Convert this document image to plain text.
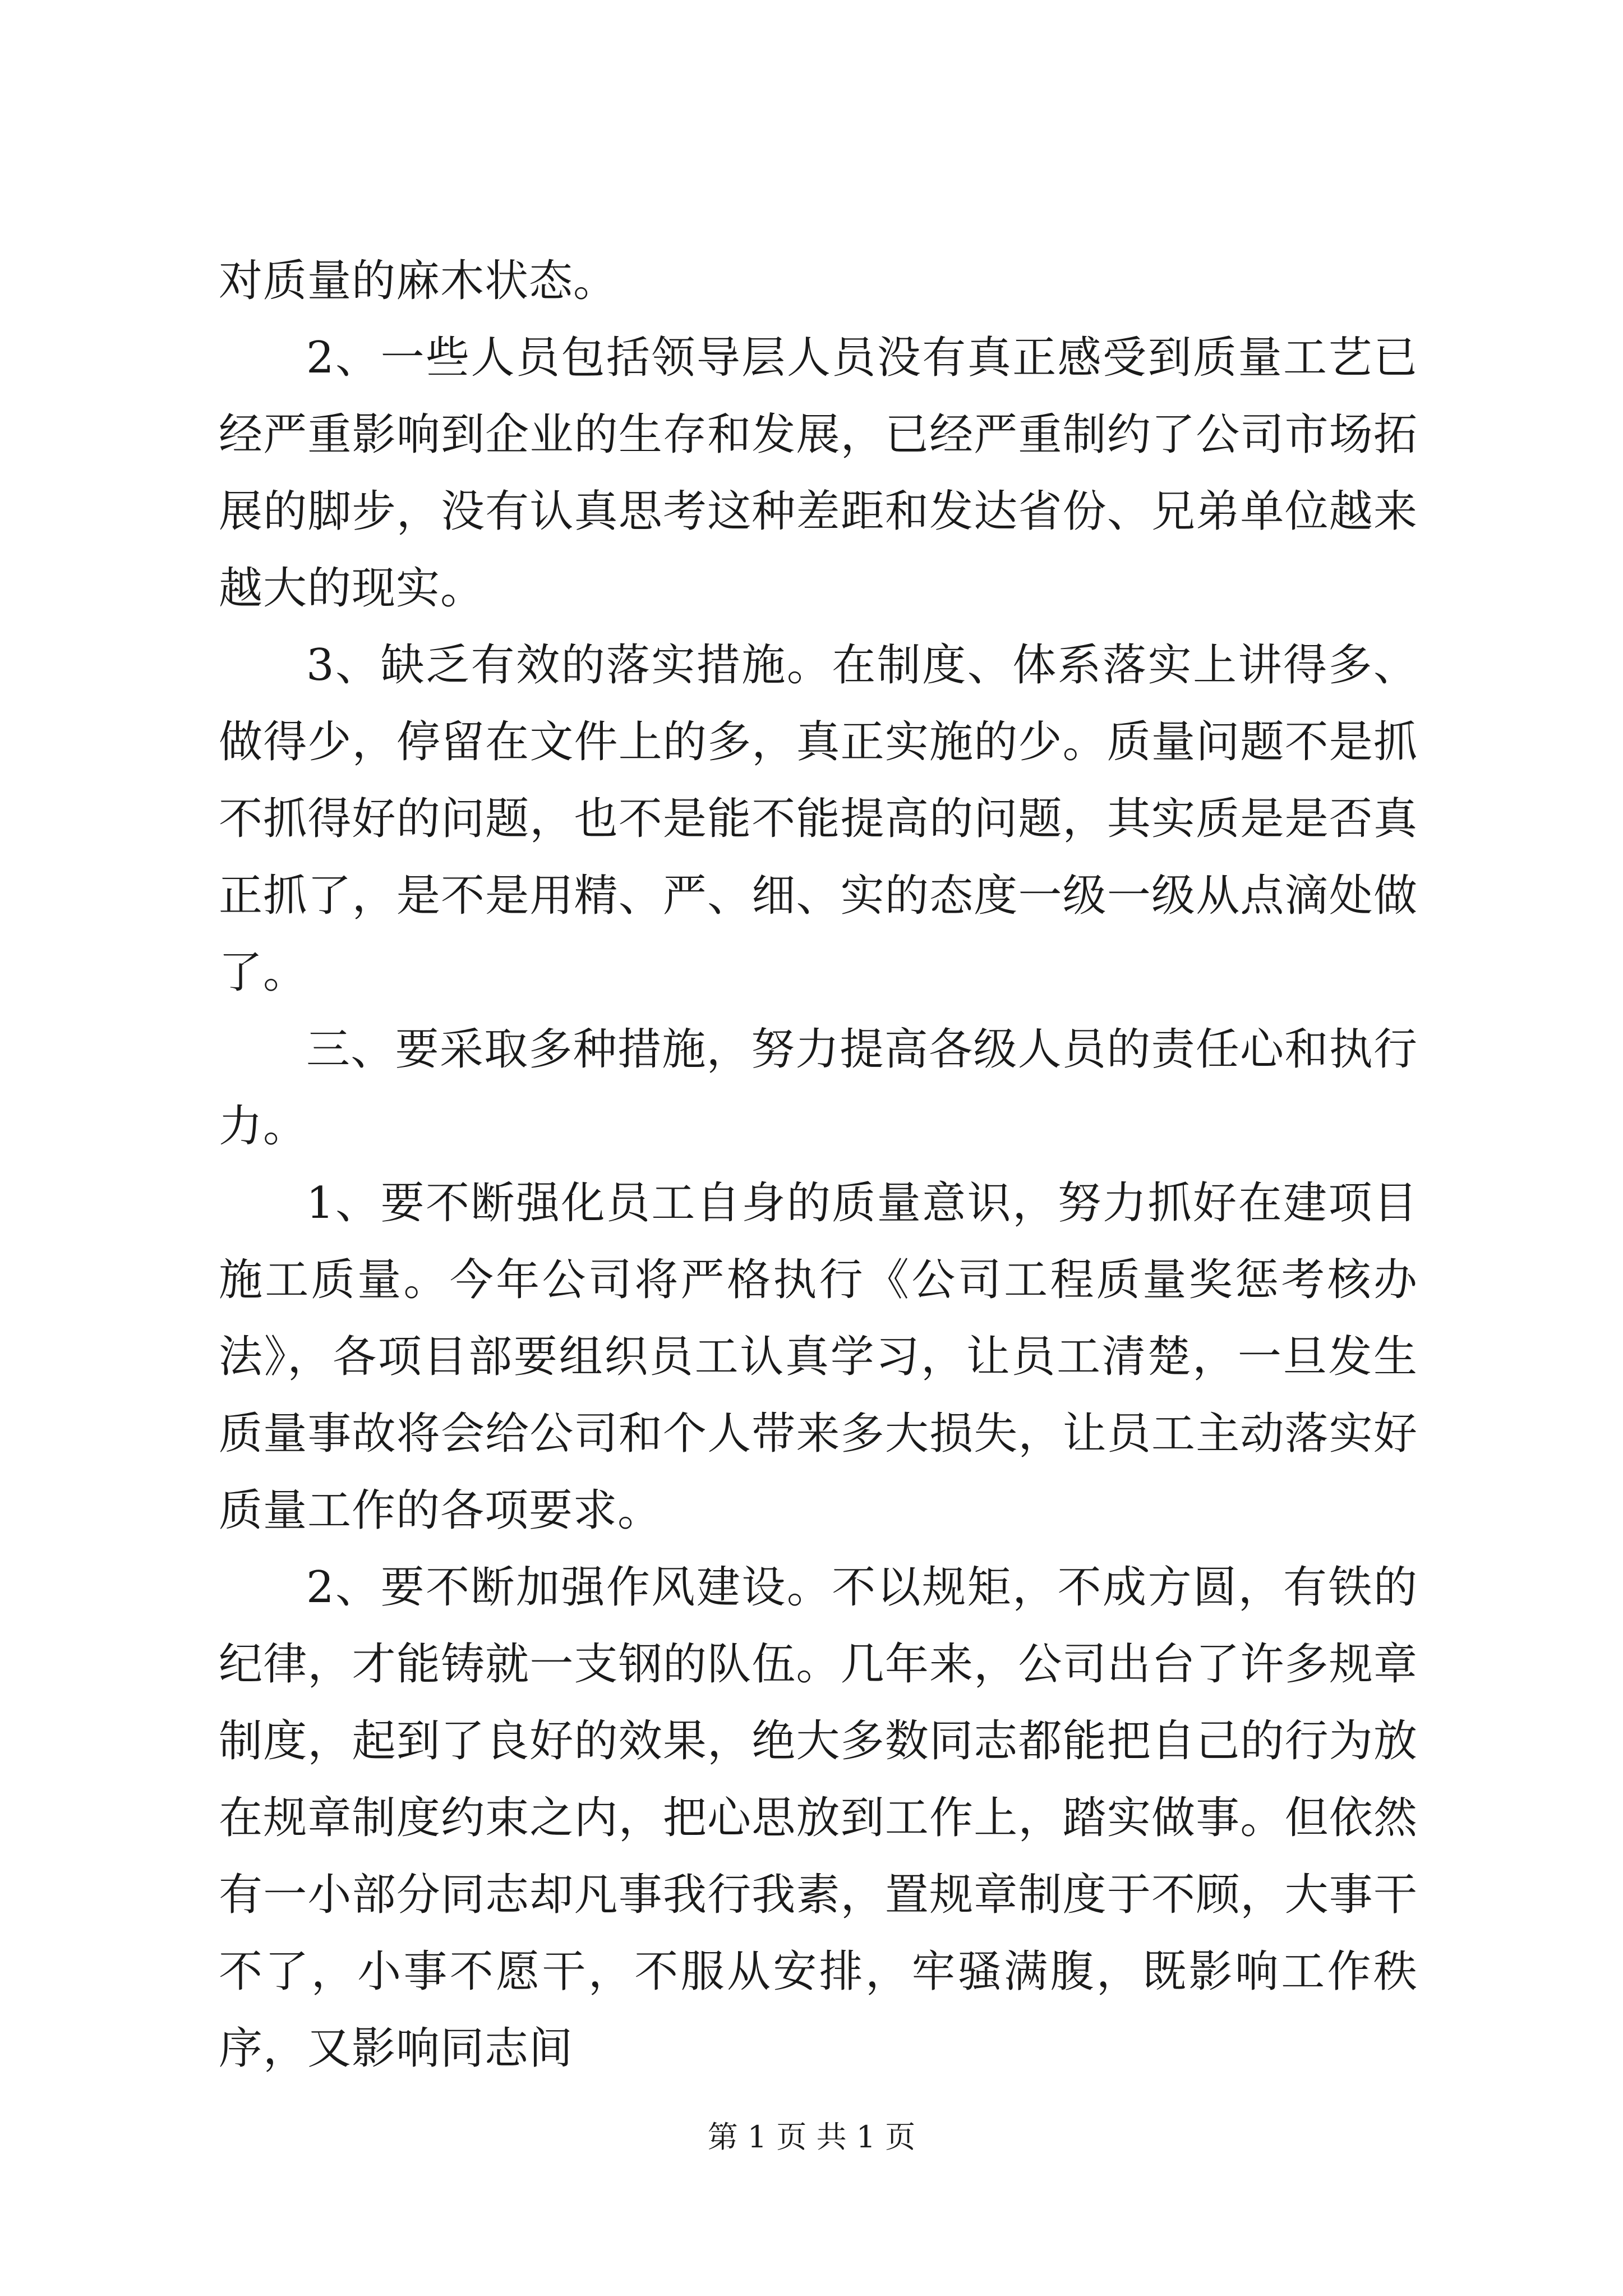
对质量的麻木状态。

2、一些人员包括领导层人员没有真正感受到质量工艺已经严重影响到企业的生存和发展，已经严重制约了公司市场拓展的脚步，没有认真思考这种差距和发达省份、兄弟单位越来越大的现实。

3、缺乏有效的落实措施。在制度、体系落实上讲得多、做得少，停留在文件上的多，真正实施的少。质量问题不是抓不抓得好的问题，也不是能不能提高的问题，其实质是是否真正抓了，是不是用精、严、细、实的态度一级一级从点滴处做了。

三、要采取多种措施，努力提高各级人员的责任心和执行力。

1、要不断强化员工自身的质量意识，努力抓好在建项目施工质量。今年公司将严格执行《公司工程质量奖惩考核办法》，各项目部要组织员工认真学习，让员工清楚，一旦发生质量事故将会给公司和个人带来多大损失，让员工主动落实好质量工作的各项要求。

2、要不断加强作风建设。不以规矩，不成方圆，有铁的纪律，才能铸就一支钢的队伍。几年来，公司出台了许多规章制度，起到了良好的效果，绝大多数同志都能把自己的行为放在规章制度约束之内，把心思放到工作上，踏实做事。但依然有一小部分同志却凡事我行我素，置规章制度于不顾，大事干不了，小事不愿干，不服从安排，牢骚满腹，既影响工作秩序，又影响同志间

第 1 页 共 1 页
